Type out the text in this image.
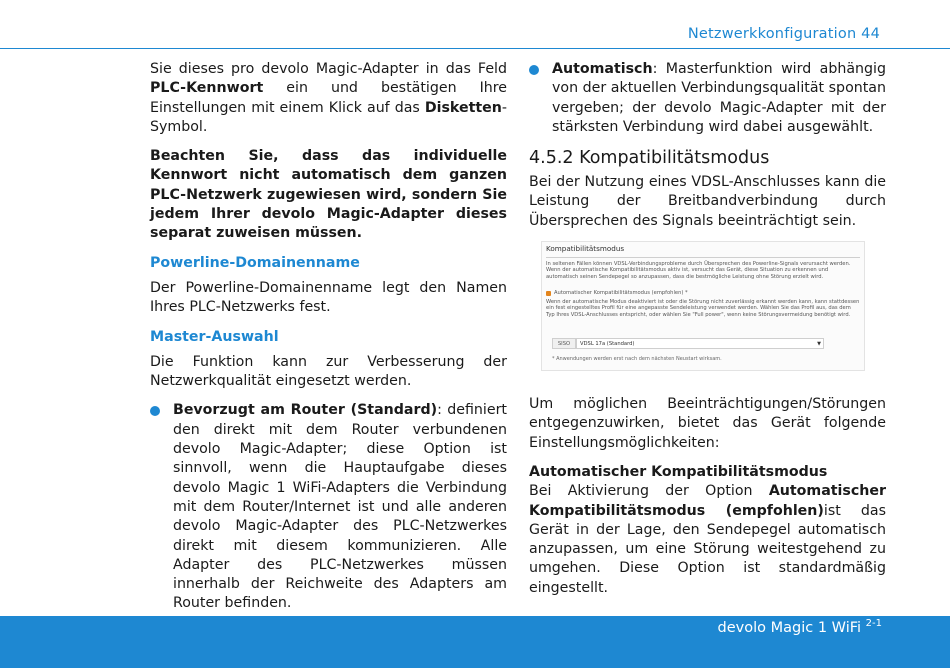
Netzwerkkonfiguration 44

Sie dieses pro devolo Magic-Adapter in das Feld PLC-Kennwort ein und bestätigen Ihre Einstellungen mit einem Klick auf das Disketten-Symbol.

Beachten Sie, dass das individuelle Kennwort nicht automatisch dem ganzen PLC-Netzwerk zugewiesen wird, sondern Sie jedem Ihrer devolo Magic-Adapter dieses separat zuweisen müssen.

Powerline-Domainenname

Der Powerline-Domainenname legt den Namen Ihres PLC-Netzwerks fest.

Master-Auswahl

Die Funktion kann zur Verbesserung der Netzwerkqualität eingesetzt werden.

Bevorzugt am Router (Standard): definiert den direkt mit dem Router verbundenen devolo Magic-Adapter; diese Option ist sinnvoll, wenn die Hauptaufgabe dieses devolo Magic 1 WiFi-Adapters die Verbindung mit dem Router/Internet ist und alle anderen devolo Magic-Adapter des PLC-Netzwerkes direkt mit diesem kommunizieren. Alle Adapter des PLC-Netzwerkes müssen innerhalb der Reichweite des Adapters am Router befinden.
Automatisch: Masterfunktion wird abhängig von der aktuellen Verbindungsqualität spontan vergeben; der devolo Magic-Adapter mit der stärksten Verbindung wird dabei ausgewählt.
4.5.2 Kompatibilitätsmodus

Bei der Nutzung eines VDSL-Anschlusses kann die Leistung der Breitbandverbindung durch Übersprechen des Signals beeinträchtigt sein.

Kompatibilitätsmodus
In seltenen Fällen können VDSL-Verbindungsprobleme durch Übersprechen des Powerline-Signals verursacht werden. Wenn der automatische Kompatibilitätsmodus aktiv ist, versucht das Gerät, diese Situation zu erkennen und automatisch seinen Sendepegel so anzupassen, dass die bestmögliche Leistung ohne Störung erzielt wird.
Automatischer Kompatibilitätsmodus (empfohlen) *
Wenn der automatische Modus deaktiviert ist oder die Störung nicht zuverlässig erkannt werden kann, kann stattdessen ein fest eingestelltes Profil für eine angepasste Sendeleistung verwendet werden. Wählen Sie das Profil aus, das dem Typ Ihres VDSL-Anschlusses entspricht, oder wählen Sie "Full power", wenn keine Störungsvermeidung benötigt wird.
SISO	VDSL 17a (Standard)	▼
* Anwendungen werden erst nach dem nächsten Neustart wirksam.

Um möglichen Beeinträchtigungen/Störungen entgegenzuwirken, bietet das Gerät folgende Einstellungsmöglichkeiten:

Automatischer Kompatibilitätsmodus

Bei Aktivierung der Option Automatischer Kompatibilitätsmodus (empfohlen)ist das Gerät in der Lage, den Sendepegel automatisch anzupassen, um eine Störung weitestgehend zu umgehen. Diese Option ist standardmäßig eingestellt.

devolo Magic 1 WiFi $^{2-1}$
